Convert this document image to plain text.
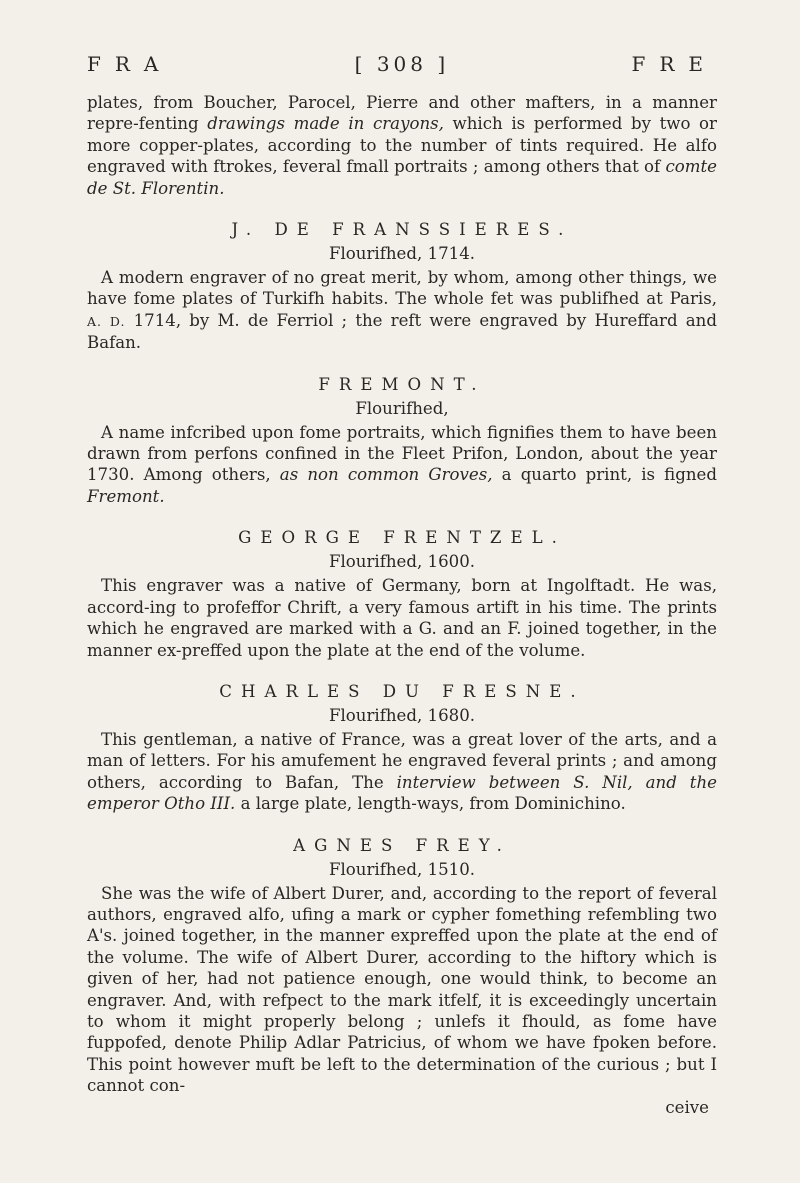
FRA	[ 308 ]	FRE

plates, from Boucher, Parocel, Pierre and other mafters, in a manner repre-fenting drawings made in crayons, which is performed by two or more copper-plates, according to the number of tints required. He alfo engraved with ftrokes, feveral fmall portraits ; among others that of comte de St. Florentin.

J. DE FRANSSIERES.
Flourifhed, 1714.

A modern engraver of no great merit, by whom, among other things, we have fome plates of Turkifh habits. The whole fet was publifhed at Paris, A. D. 1714, by M. de Ferriol ; the reft were engraved by Hureffard and Bafan.

FREMONT.
Flourifhed,

A name infcribed upon fome portraits, which fignifies them to have been drawn from perfons confined in the Fleet Prifon, London, about the year 1730. Among others, as non common Groves, a quarto print, is figned Fremont.

GEORGE FRENTZEL.
Flourifhed, 1600.

This engraver was a native of Germany, born at Ingolftadt. He was, accord-ing to profeffor Chrift, a very famous artift in his time. The prints which he engraved are marked with a G. and an F. joined together, in the manner ex-preffed upon the plate at the end of the volume.

CHARLES DU FRESNE.
Flourifhed, 1680.

This gentleman, a native of France, was a great lover of the arts, and a man of letters. For his amufement he engraved feveral prints ; and among others, according to Bafan, The interview between S. Nil, and the emperor Otho III. a large plate, length-ways, from Dominichino.

AGNES FREY.
Flourifhed, 1510.

She was the wife of Albert Durer, and, according to the report of feveral authors, engraved alfo, ufing a mark or cypher fomething refembling two A's. joined together, in the manner expreffed upon the plate at the end of the volume. The wife of Albert Durer, according to the hiftory which is given of her, had not patience enough, one would think, to become an engraver. And, with refpect to the mark itfelf, it is exceedingly uncertain to whom it might properly belong ; unlefs it fhould, as fome have fuppofed, denote Philip Adlar Patricius, of whom we have fpoken before. This point however muft be left to the determination of the curious ; but I cannot con-

ceive
